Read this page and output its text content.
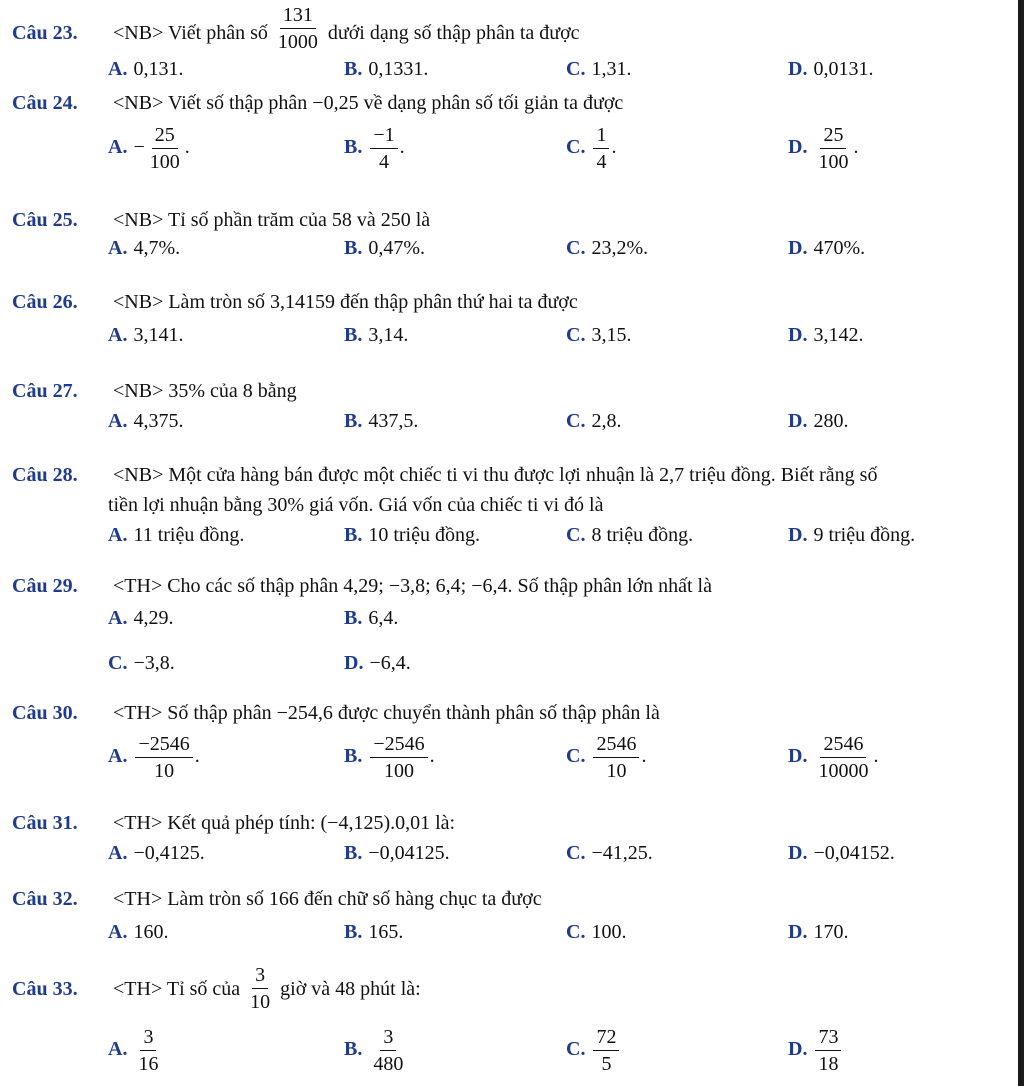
Câu 23. <NB> Viết phân số $\frac{131}{1000}$ dưới dạng số thập phân ta được
A. 0,131.	B. 0,1331.	C. 1,31.	D. 0,0131.
Câu 24. <NB> Viết số thập phân −0,25 về dạng phân số tối giản ta được
A. − $\frac{25}{100}$ .	B. $\frac{-1}{4}$ .	C. $\frac{1}{4}$ .	D. $\frac{25}{100}$ .
Câu 25. <NB> Tỉ số phần trăm của 58 và 250 là
A. 4,7%.	B. 0,47%.	C. 23,2%.	D. 470%.
Câu 26. <NB> Làm tròn số 3,14159 đến thập phân thứ hai ta được
A. 3,141.	B. 3,14.	C. 3,15.	D. 3,142.
Câu 27. <NB> 35% của 8 bằng
A. 4,375.	B. 437,5.	C. 2,8.	D. 280.
Câu 28. <NB> Một cửa hàng bán được một chiếc ti vi thu được lợi nhuận là 2,7 triệu đồng. Biết rằng số
tiền lợi nhuận bằng 30% giá vốn. Giá vốn của chiếc ti vi đó là
A. 11 triệu đồng.	B. 10 triệu đồng.	C. 8 triệu đồng.	D. 9 triệu đồng.
Câu 29. <TH> Cho các số thập phân 4,29; −3,8; 6,4; −6,4. Số thập phân lớn nhất là
A. 4,29.	B. 6,4.
C. −3,8.	D. −6,4.
Câu 30. <TH> Số thập phân −254,6 được chuyển thành phân số thập phân là
A. $\frac{-2546}{10}$ .	B. $\frac{-2546}{100}$ .	C. $\frac{2546}{10}$ .	D. $\frac{2546}{10000}$ .
Câu 31. <TH> Kết quả phép tính: (−4,125).0,01 là:
A. −0,4125.	B. −0,04125.	C. −41,25.	D. −0,04152.
Câu 32. <TH> Làm tròn số 166 đến chữ số hàng chục ta được
A. 160.	B. 165.	C. 100.	D. 170.
Câu 33. <TH> Tỉ số của $\frac{3}{10}$ giờ và 48 phút là:
A. $\frac{3}{16}$	B. $\frac{3}{480}$	C. $\frac{72}{5}$	D. $\frac{73}{18}$
